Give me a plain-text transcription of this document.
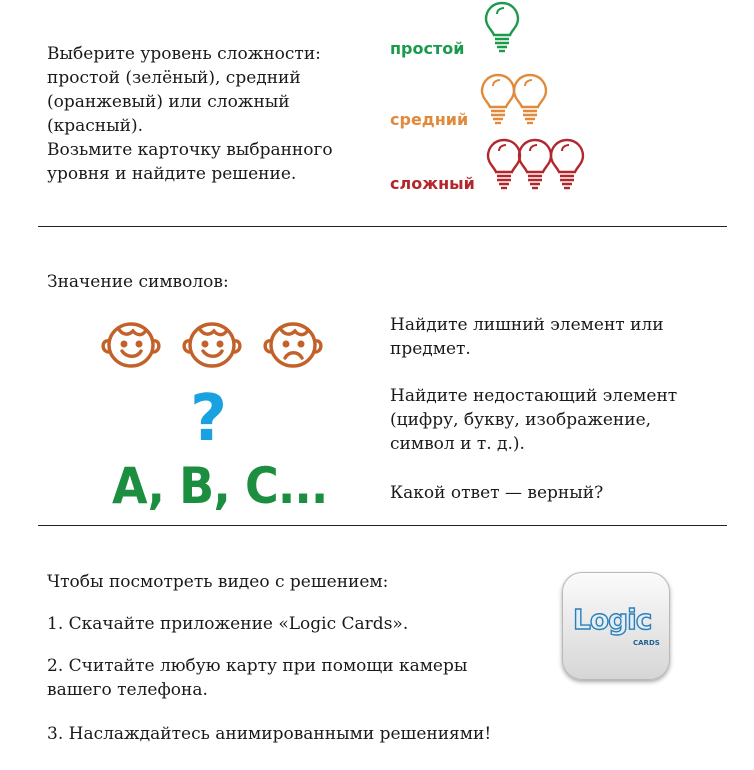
Выберите уровень сложности:
простой (зелёный), средний
(оранжевый) или сложный
(красный).
Возьмите карточку выбранного
уровня и найдите решение.
простой
средний
сложный
Значение символов:
?
A, B, C...
Найдите лишний элемент или
предмет.
Найдите недостающий элемент
(цифру, букву, изображение,
символ и т. д.).
Какой ответ — верный?
Чтобы посмотреть видео с решением:
1. Скачайте приложение «Logic Cards».
2. Считайте любую карту при помощи камеры
вашего телефона.
3. Наслаждайтесь анимированными решениями!
Logic
CARDS
